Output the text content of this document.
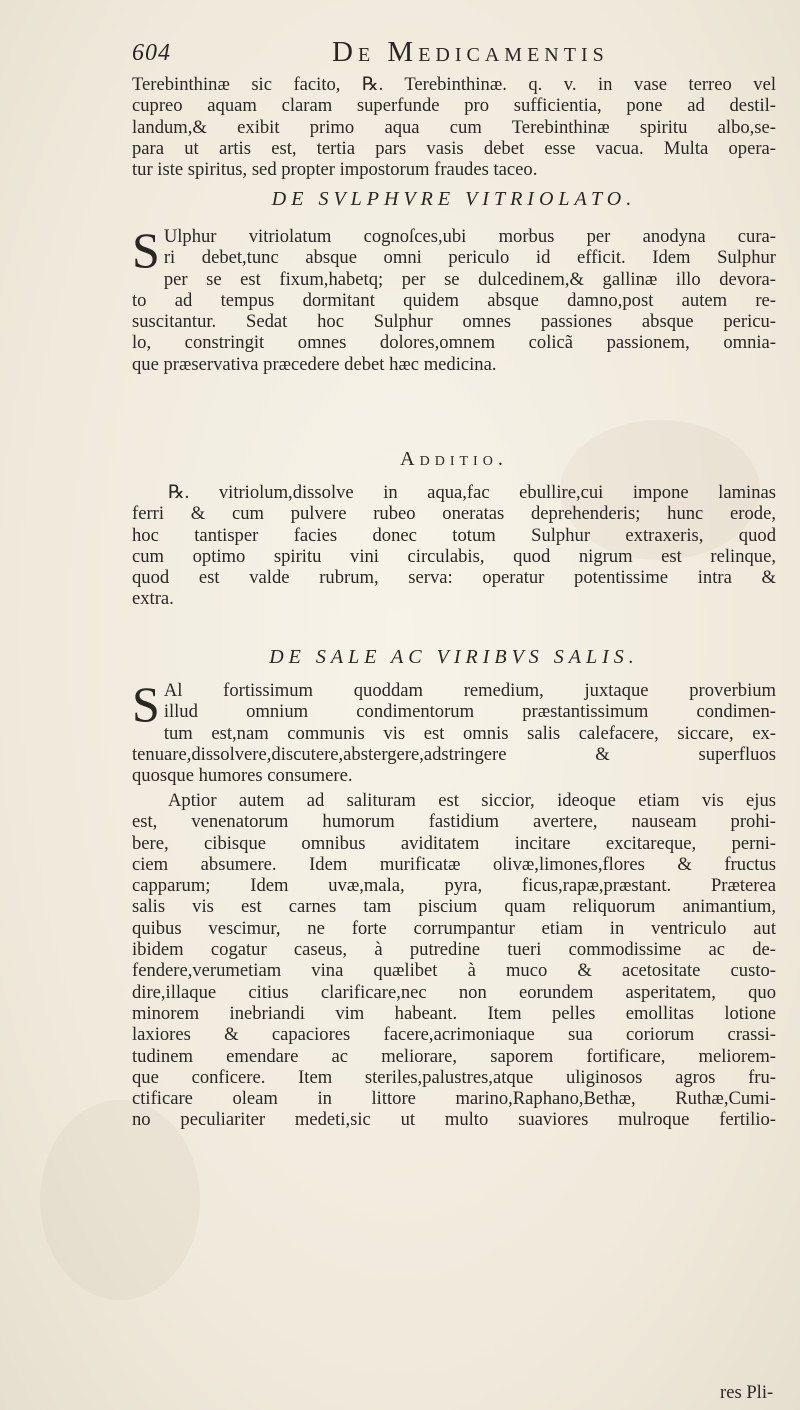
604	De Medicamentis
Terebinthinæ sic facito, ℞. Terebinthinæ. q. v. in vase terreo vel
cupreo aquam claram superfunde pro sufficientia, pone ad destil-
landum,& exibit primo aqua cum Terebinthinæ spiritu albo,se-
para ut artis est, tertia pars vasis debet esse vacua. Multa opera-
tur iste spiritus, sed propter impostorum fraudes taceo.
DE SVLPHVRE VITRIOLATO.
S Ulphur vitriolatum cognoſces,ubi morbus per anodyna cura-
ri debet,tunc absque omni periculo id efficit. Idem Sulphur
per se est fixum,habetq; per se dulcedinem,& gallinæ illo devora-
to ad tempus dormitant quidem absque damno,post autem re-
suscitantur. Sedat hoc Sulphur omnes passiones absque pericu-
lo, constringit omnes dolores,omnem colicã passionem, omnia-
que præservativa præcedere debet hæc medicina.
Additio.
℞. vitriolum,dissolve in aqua,fac ebullire,cui impone laminas
ferri & cum pulvere rubeo oneratas deprehenderis; hunc erode,
hoc tantisper facies donec totum Sulphur extraxeris, quod
cum optimo spiritu vini circulabis, quod nigrum est relinque,
quod est valde rubrum, serva: operatur potentissime intra &
extra.
DE SALE AC VIRIBVS SALIS.
S Al fortissimum quoddam remedium, juxtaque proverbium
illud omnium condimentorum præstantissimum condimen-
tum est,nam communis vis est omnis salis calefacere, siccare, ex-
tenuare,dissolvere,discutere,abstergere,adstringere & superfluos
quosque humores consumere.
Aptior autem ad salituram est siccior, ideoque etiam vis ejus
est, venenatorum humorum fastidium avertere, nauseam prohi-
bere, cibisque omnibus aviditatem incitare excitareque, perni-
ciem absumere. Idem murificatæ olivæ,limones,flores & fructus
capparum; Idem uvæ,mala, pyra, ficus,rapæ,præstant. Præterea
salis vis est carnes tam piscium quam reliquorum animantium,
quibus vescimur, ne forte corrumpantur etiam in ventriculo aut
ibidem cogatur caseus, à putredine tueri commodissime ac de-
fendere,verumetiam vina quælibet à muco & acetositate custo-
dire,illaque citius clarificare,nec non eorundem asperitatem, quo
minorem inebriandi vim habeant. Item pelles emollitas lotione
laxiores & capaciores facere,acrimoniaque sua coriorum crassi-
tudinem emendare ac meliorare, saporem fortificare, meliorem-
que conficere. Item steriles,palustres,atque uliginosos agros fru-
ctificare oleam in littore marino,Raphano,Bethæ, Ruthæ,Cumi-
no peculiariter medeti,sic ut multo suaviores mulroque fertilio-
res Pli-
